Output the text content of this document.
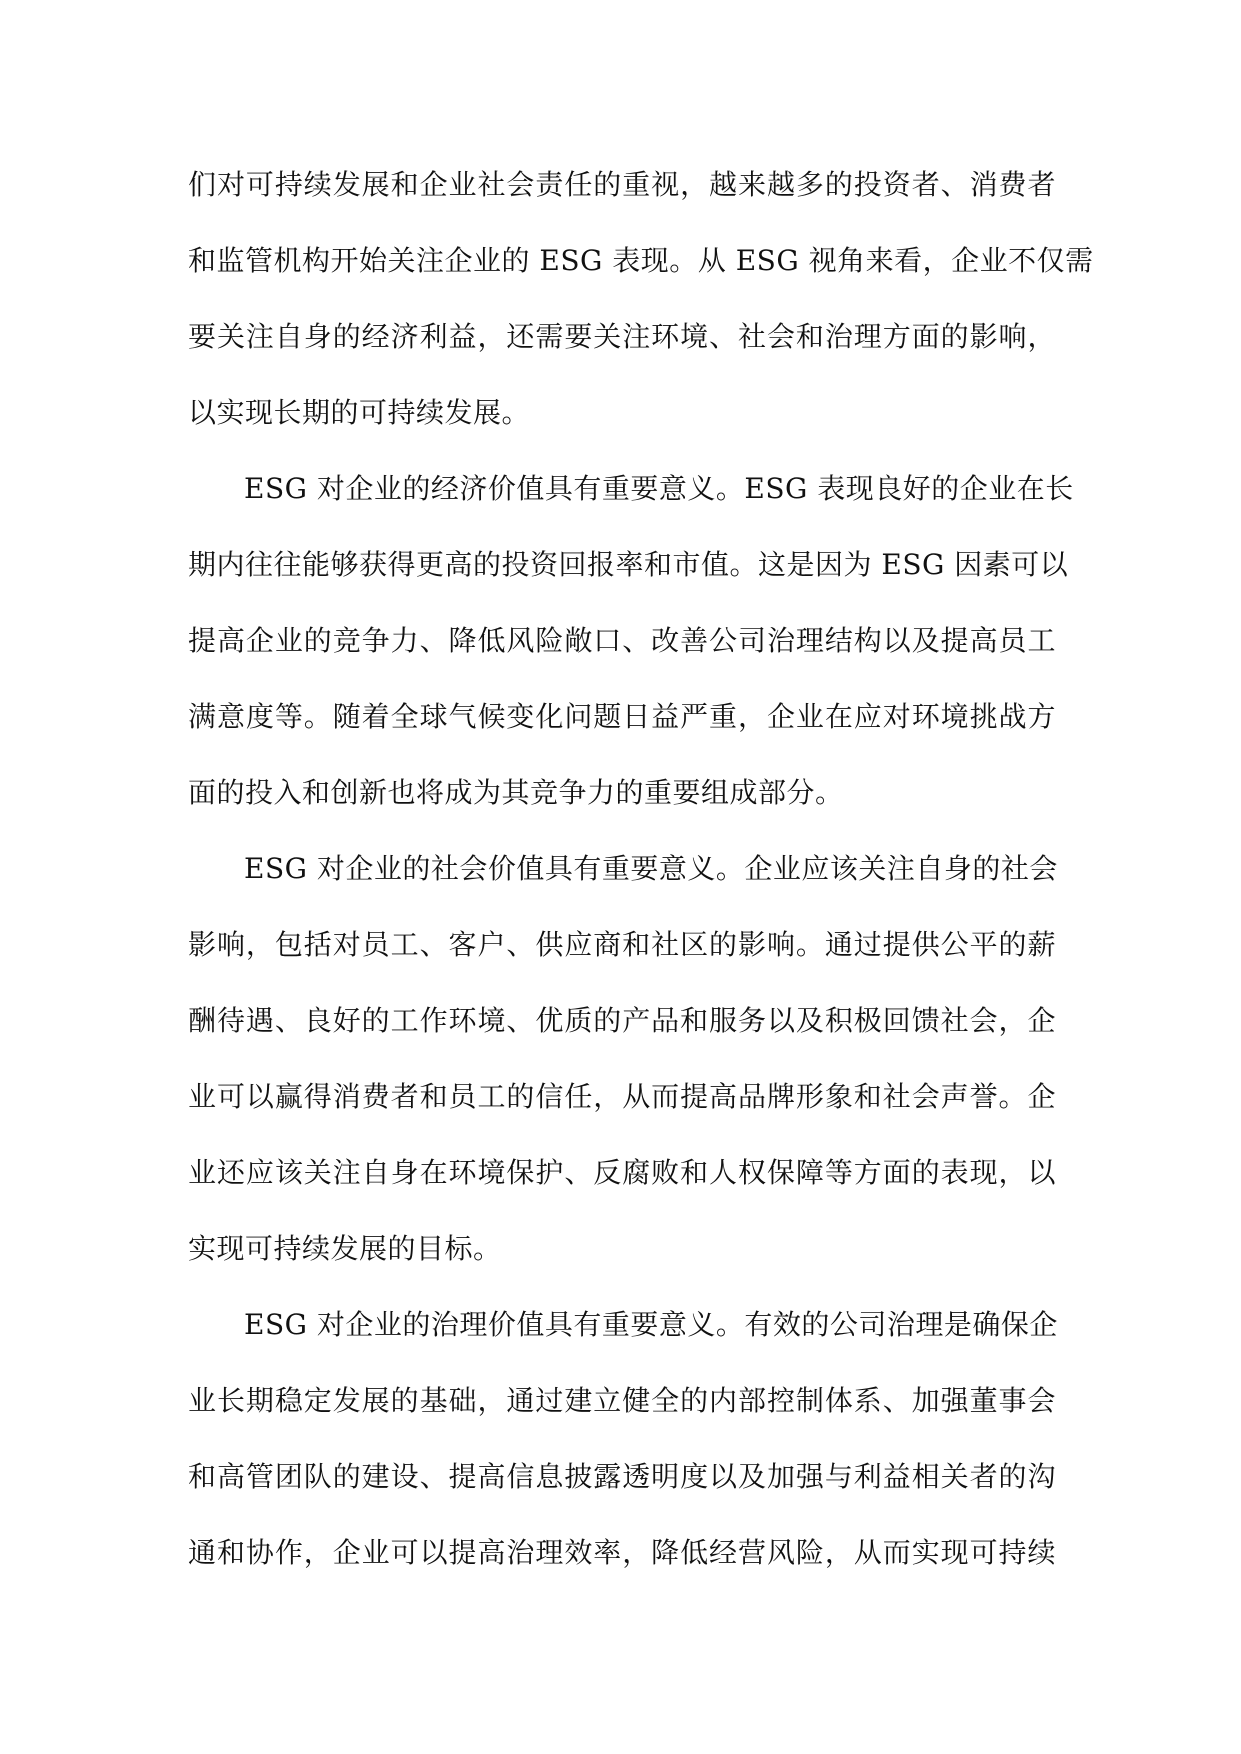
们对可持续发展和企业社会责任的重视，越来越多的投资者、消费者
和监管机构开始关注企业的 ESG 表现。从 ESG 视角来看，企业不仅需
要关注自身的经济利益，还需要关注环境、社会和治理方面的影响，
以实现长期的可持续发展。
ESG 对企业的经济价值具有重要意义。ESG 表现良好的企业在长
期内往往能够获得更高的投资回报率和市值。这是因为 ESG 因素可以
提高企业的竞争力、降低风险敞口、改善公司治理结构以及提高员工
满意度等。随着全球气候变化问题日益严重，企业在应对环境挑战方
面的投入和创新也将成为其竞争力的重要组成部分。
ESG 对企业的社会价值具有重要意义。企业应该关注自身的社会
影响，包括对员工、客户、供应商和社区的影响。通过提供公平的薪
酬待遇、良好的工作环境、优质的产品和服务以及积极回馈社会，企
业可以赢得消费者和员工的信任，从而提高品牌形象和社会声誉。企
业还应该关注自身在环境保护、反腐败和人权保障等方面的表现，以
实现可持续发展的目标。
ESG 对企业的治理价值具有重要意义。有效的公司治理是确保企
业长期稳定发展的基础，通过建立健全的内部控制体系、加强董事会
和高管团队的建设、提高信息披露透明度以及加强与利益相关者的沟
通和协作，企业可以提高治理效率，降低经营风险，从而实现可持续
